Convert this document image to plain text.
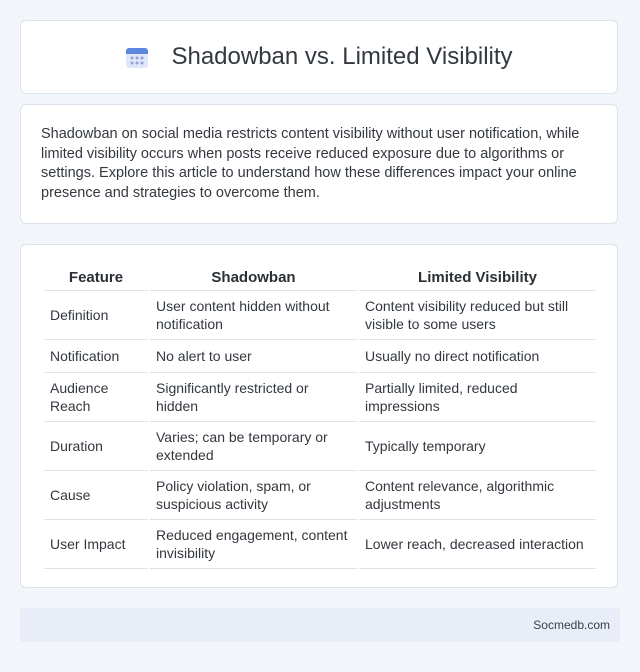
Shadowban vs. Limited Visibility

Shadowban on social media restricts content visibility without user notification, while limited visibility occurs when posts receive reduced exposure due to algorithms or settings. Explore this article to understand how these differences impact your online presence and strategies to overcome them.

Feature	Shadowban	Limited Visibility
Definition	User content hidden without notification	Content visibility reduced but still visible to some users
Notification	No alert to user	Usually no direct notification
Audience Reach	Significantly restricted or hidden	Partially limited, reduced impressions
Duration	Varies; can be temporary or extended	Typically temporary
Cause	Policy violation, spam, or suspicious activity	Content relevance, algorithmic adjustments
User Impact	Reduced engagement, content invisibility	Lower reach, decreased interaction
Socmedb.com
